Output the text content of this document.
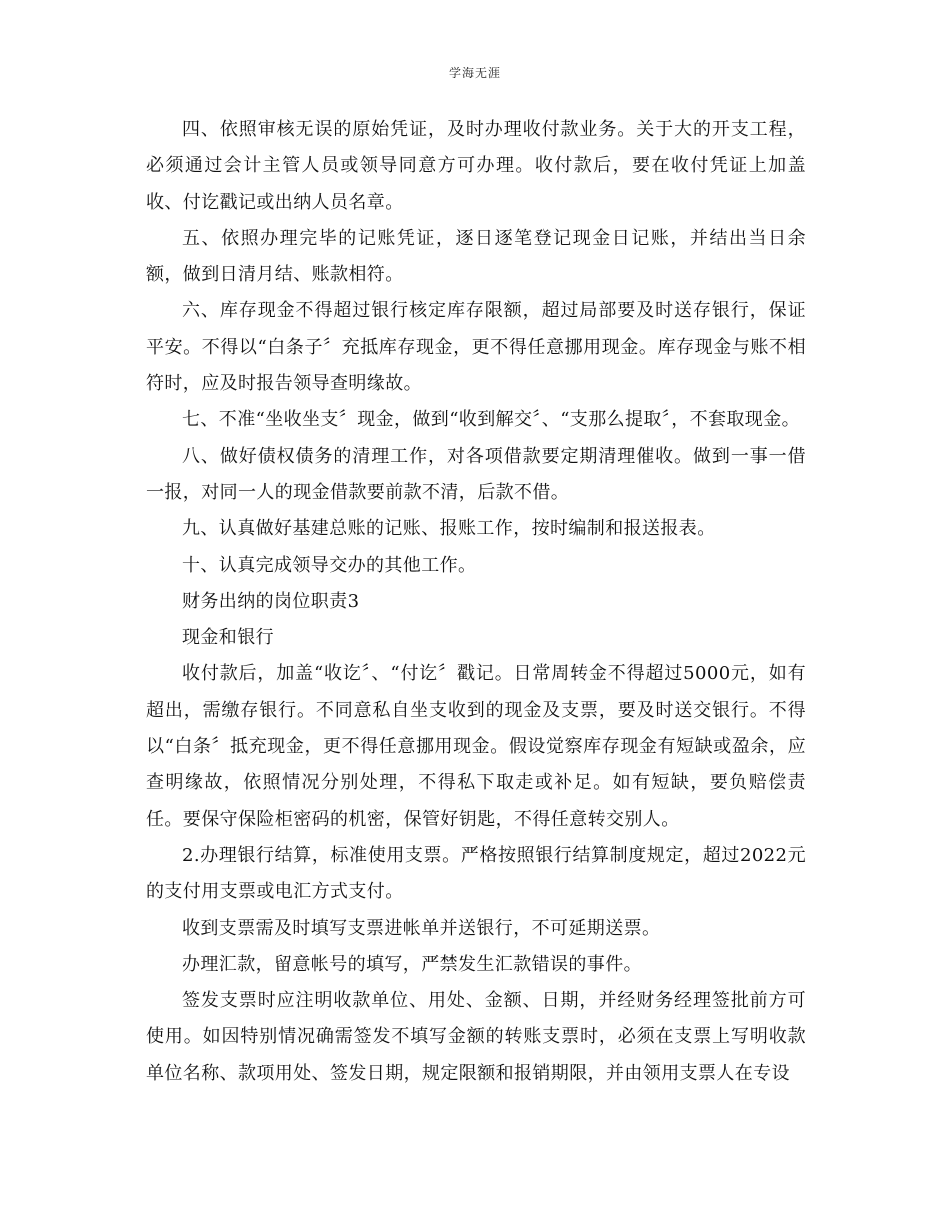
学海无涯

四、依照审核无误的原始凭证，及时办理收付款业务。关于大的开支工程，必须通过会计主管人员或领导同意方可办理。收付款后，要在收付凭证上加盖收、付讫戳记或出纳人员名章。

五、依照办理完毕的记账凭证，逐日逐笔登记现金日记账，并结出当日余额，做到日清月结、账款相符。

六、库存现金不得超过银行核定库存限额，超过局部要及时送存银行，保证平安。不得以“白条子〞充抵库存现金，更不得任意挪用现金。库存现金与账不相符时，应及时报告领导查明缘故。

七、不准“坐收坐支〞现金，做到“收到解交〞、“支那么提取〞，不套取现金。

八、做好债权债务的清理工作，对各项借款要定期清理催收。做到一事一借一报，对同一人的现金借款要前款不清，后款不借。

九、认真做好基建总账的记账、报账工作，按时编制和报送报表。

十、认真完成领导交办的其他工作。

财务出纳的岗位职责3

现金和银行

收付款后，加盖“收讫〞、“付讫〞戳记。日常周转金不得超过5000元，如有超出，需缴存银行。不同意私自坐支收到的现金及支票，要及时送交银行。不得以“白条〞抵充现金，更不得任意挪用现金。假设觉察库存现金有短缺或盈余，应查明缘故，依照情况分别处理，不得私下取走或补足。如有短缺，要负赔偿责任。要保守保险柜密码的机密，保管好钥匙，不得任意转交别人。

2.办理银行结算，标准使用支票。严格按照银行结算制度规定，超过2022元的支付用支票或电汇方式支付。

收到支票需及时填写支票进帐单并送银行，不可延期送票。

办理汇款，留意帐号的填写，严禁发生汇款错误的事件。

签发支票时应注明收款单位、用处、金额、日期，并经财务经理签批前方可使用。如因特别情况确需签发不填写金额的转账支票时，必须在支票上写明收款单位名称、款项用处、签发日期，规定限额和报销期限，并由领用支票人在专设
